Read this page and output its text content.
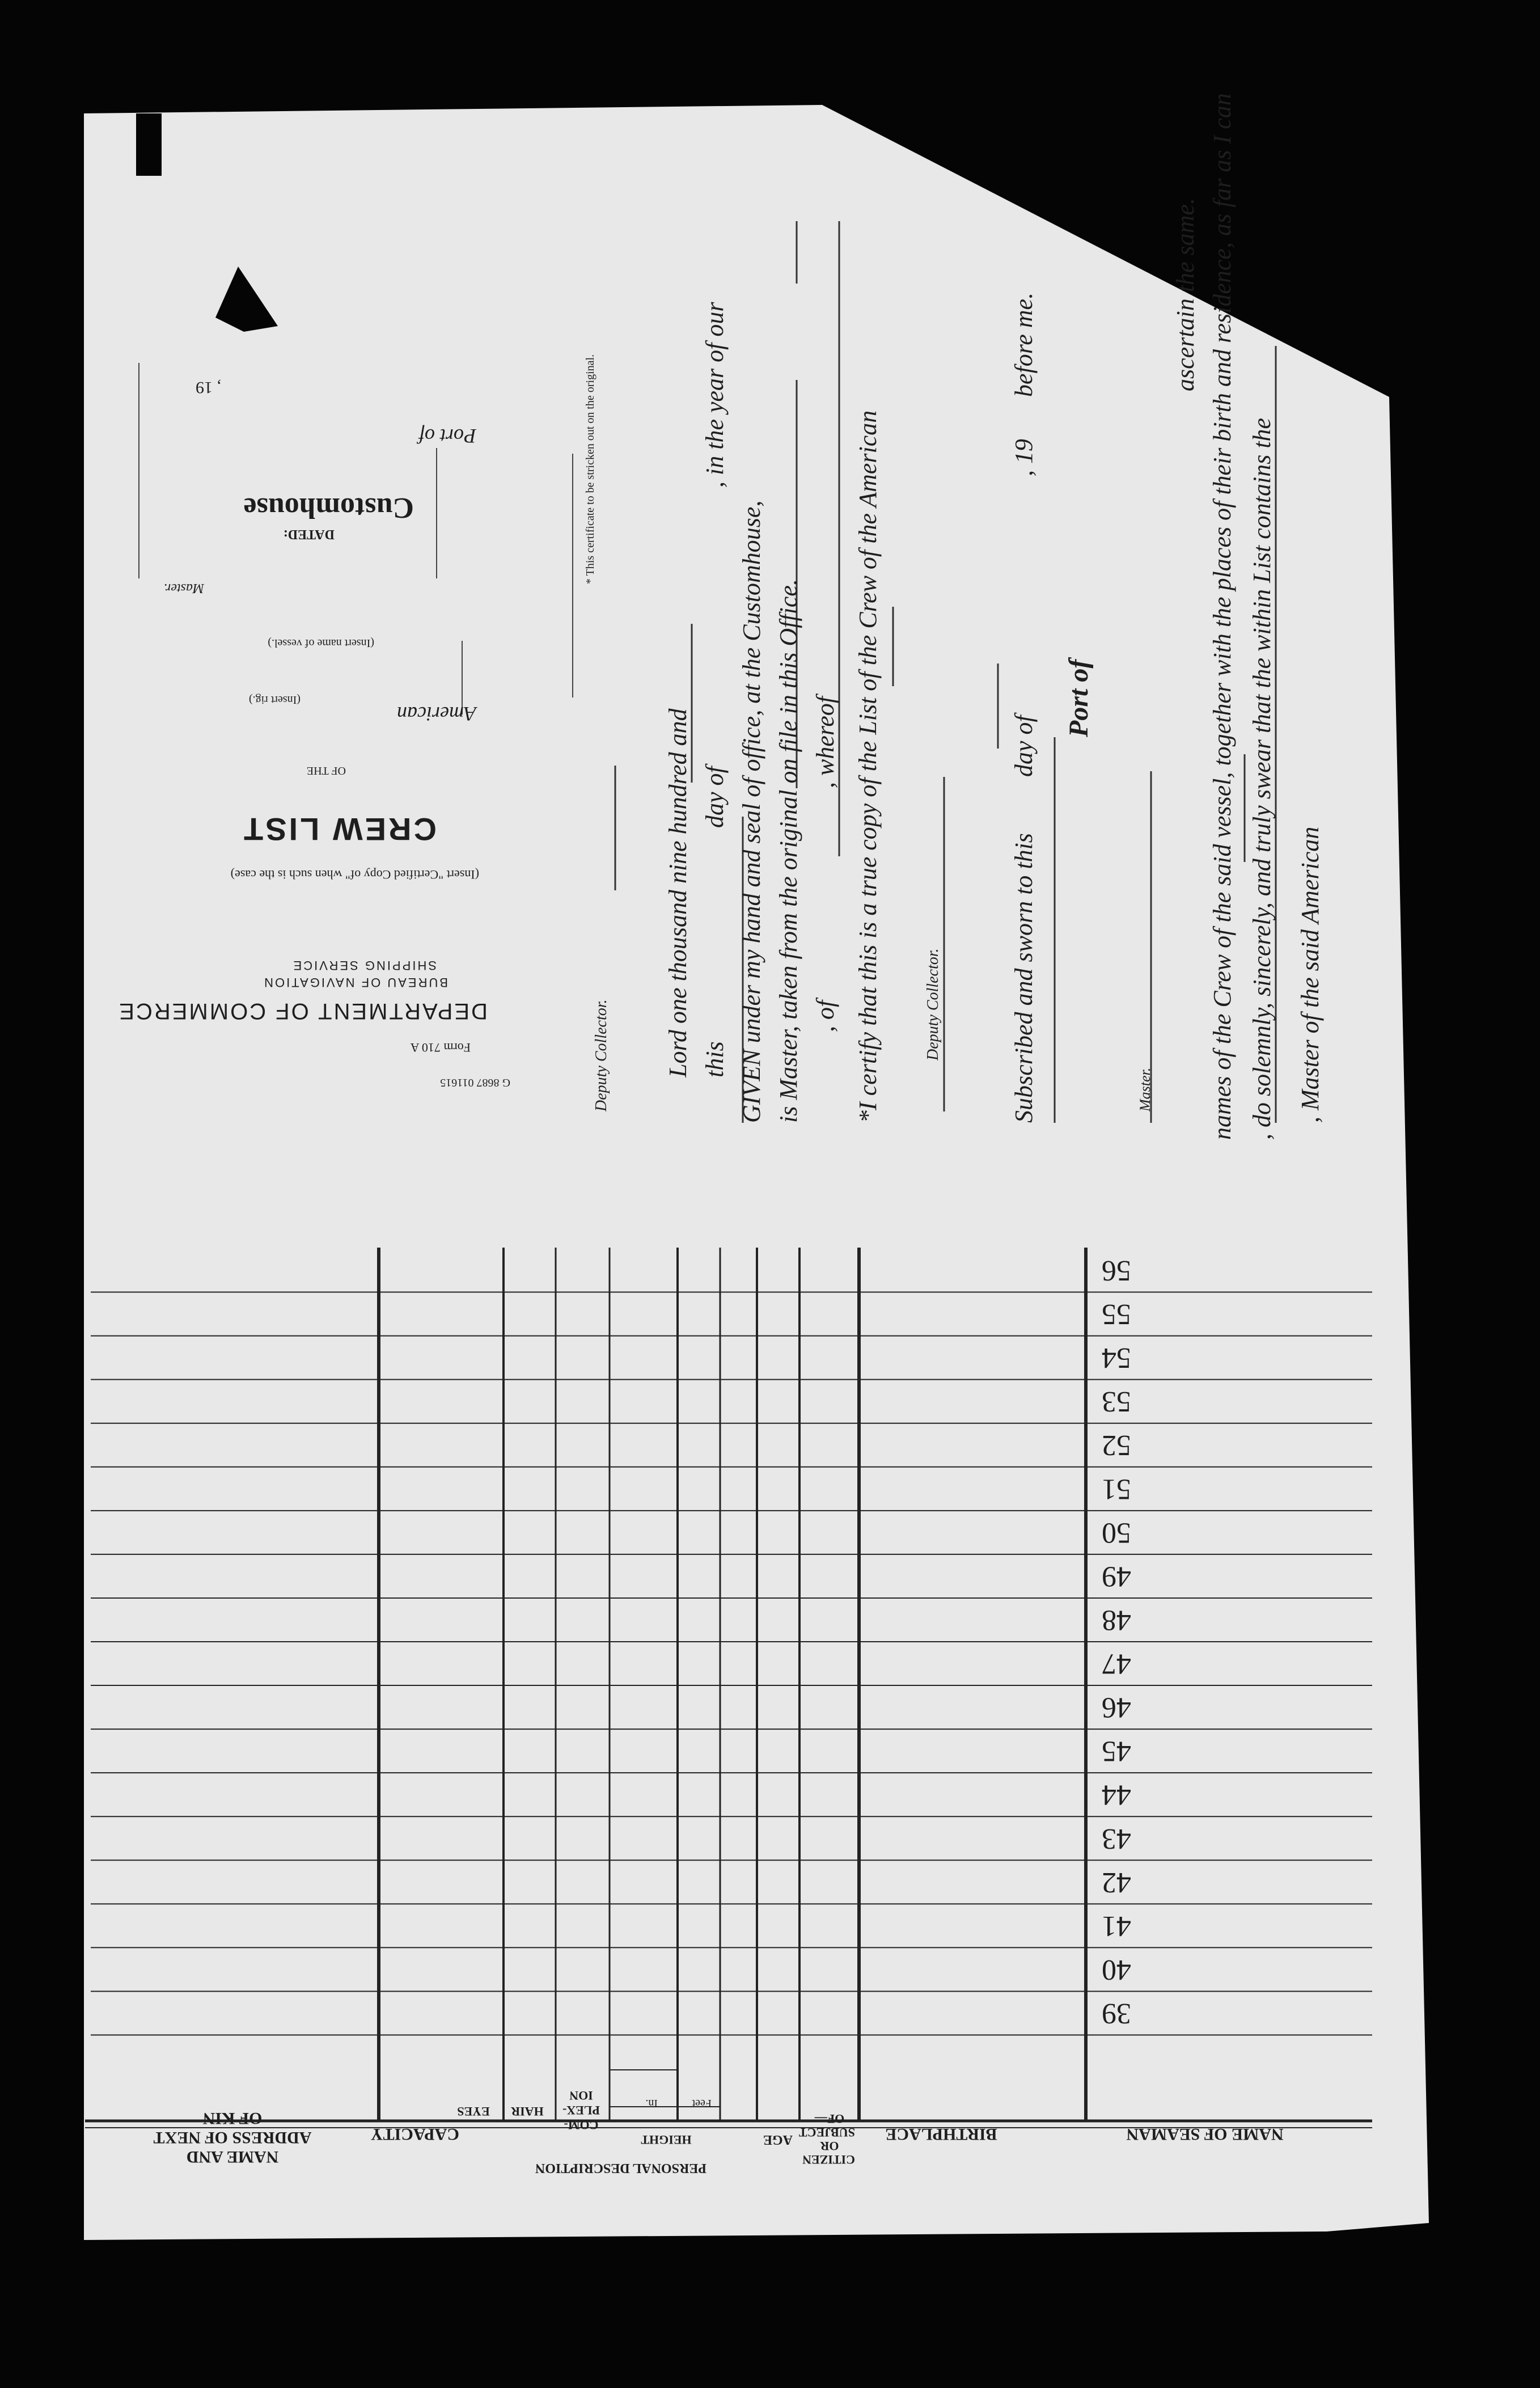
, Master of the said American
, do solemnly, sincerely, and truly swear that the within List contains the
names of the Crew of the said vessel, together with the places of their birth and residence, as far as I can
ascertain the same.
Master.
Port of
Subscribed and sworn to this
day of
, 19
before me.
Deputy Collector.
*I certify that this is a true copy of the List of the Crew of the American
, of
, whereof
is Master, taken from the original on file in this Office.
GIVEN under my hand and seal of office, at the Customhouse,
this
day of
, in the year of our
Lord one thousand nine hundred and
Deputy Collector.
* This certificate to be stricken out on the original.
G 8687 011615
Form 710 A
DEPARTMENT OF COMMERCE
BUREAU OF NAVIGATION
SHIPPING SERVICE
(Insert "Certified Copy of" when such is the case)
CREW LIST
OF THE
American
(Insert rig.)
(Insert name of vessel.)
Master.
DATED:
Customhouse
Port of
, 19
NAME OF SEAMAN
BIRTHPLACE
CITIZEN OR SUBJECT OF—
AGE
PERSONAL DESCRIPTION
HEIGHT
Feet
In.
COM-PLEX-ION
HAIR
EYES
CAPACITY
NAME AND ADDRESS OF NEXT OF KIN
39
40
41
42
43
44
45
46
47
48
49
50
51
52
53
54
55
56
